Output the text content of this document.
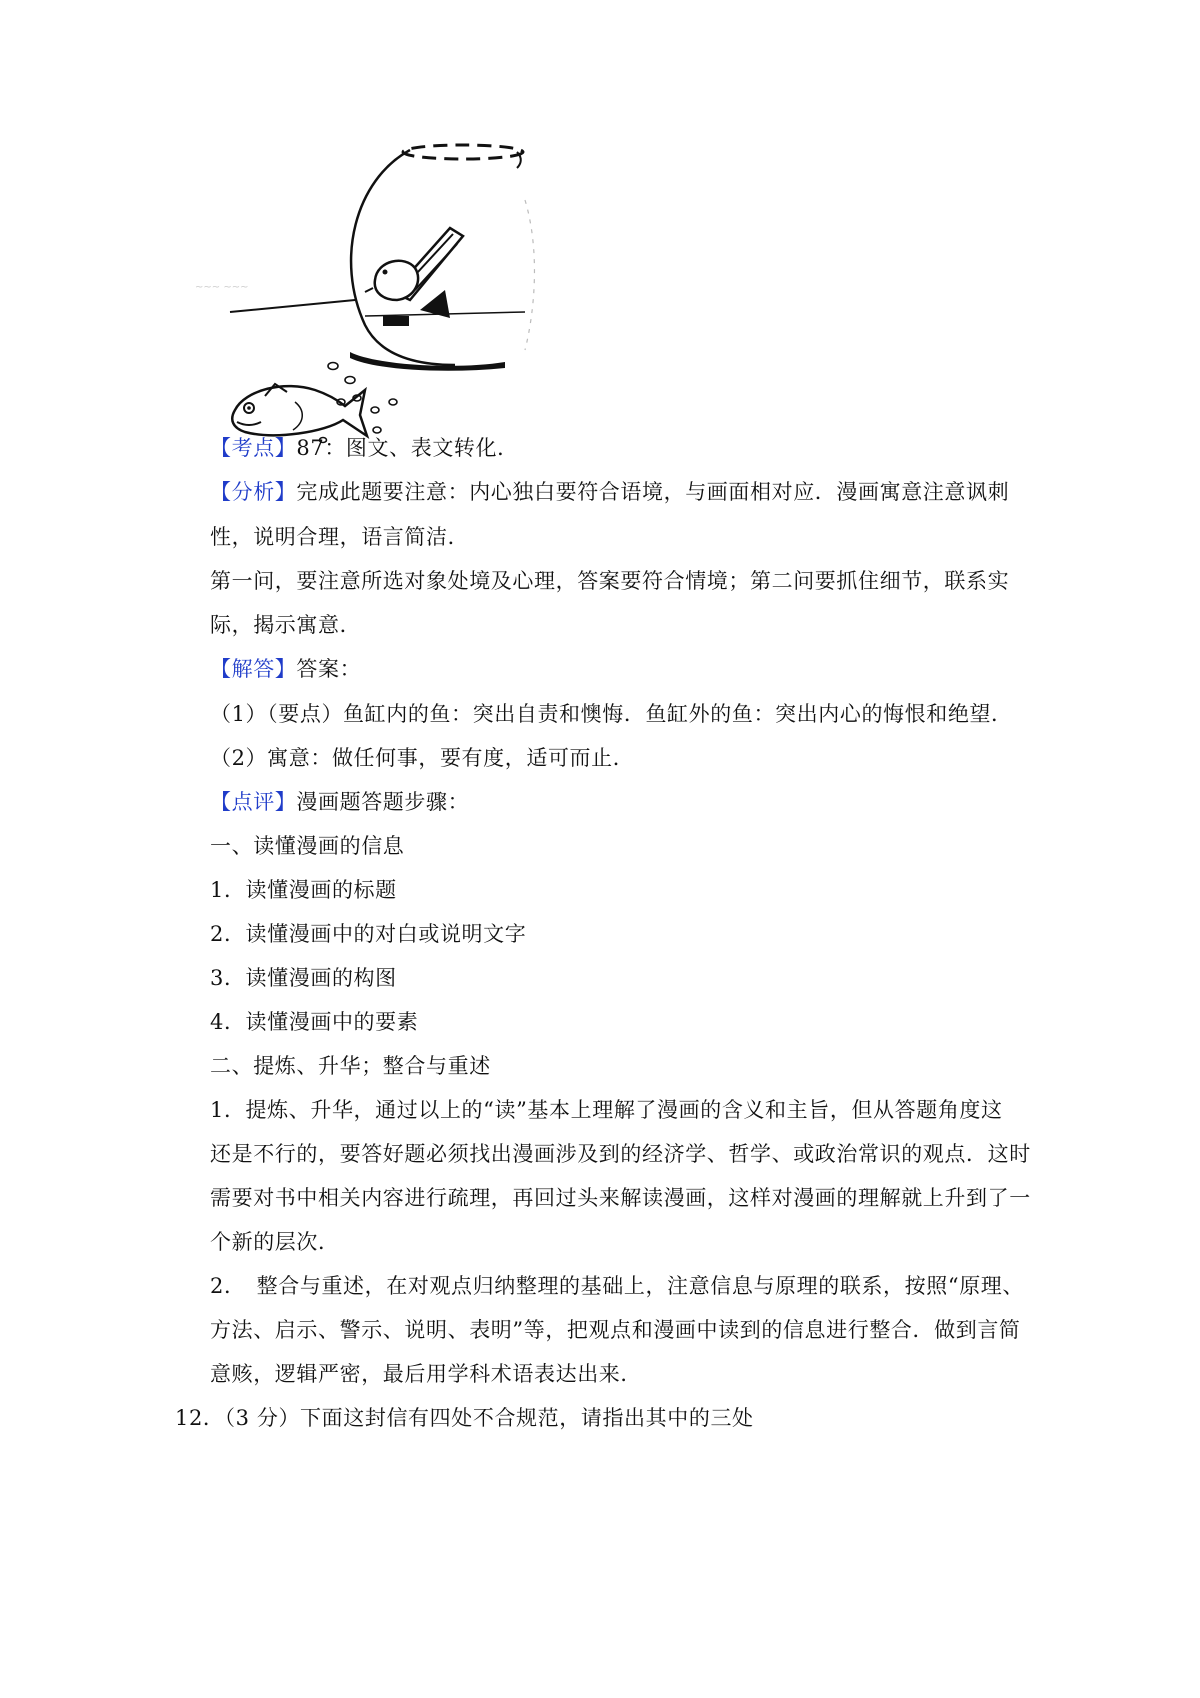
~~~ ~~~
【考点】87：图文、表文转化．
【分析】完成此题要注意：内心独白要符合语境，与画面相对应．漫画寓意注意讽刺
性，说明合理，语言简洁．
第一问，要注意所选对象处境及心理，答案要符合情境；第二问要抓住细节，联系实
际，揭示寓意．
【解答】答案：
（1）（要点）鱼缸内的鱼：突出自责和懊悔．鱼缸外的鱼：突出内心的悔恨和绝望．
（2）寓意：做任何事，要有度，适可而止．
【点评】漫画题答题步骤：
一、读懂漫画的信息
1．读懂漫画的标题
2．读懂漫画中的对白或说明文字
3．读懂漫画的构图
4．读懂漫画中的要素
二、提炼、升华；整合与重述
1．提炼、升华，通过以上的“读”基本上理解了漫画的含义和主旨，但从答题角度这
还是不行的，要答好题必须找出漫画涉及到的经济学、哲学、或政治常识的观点．这时
需要对书中相关内容进行疏理，再回过头来解读漫画，这样对漫画的理解就上升到了一
个新的层次．
2．　整合与重述，在对观点归纳整理的基础上，注意信息与原理的联系，按照“原理、
方法、启示、警示、说明、表明”等，把观点和漫画中读到的信息进行整合．做到言简
意赅，逻辑严密，最后用学科术语表达出来．
12．（3 分）下面这封信有四处不合规范，请指出其中的三处
